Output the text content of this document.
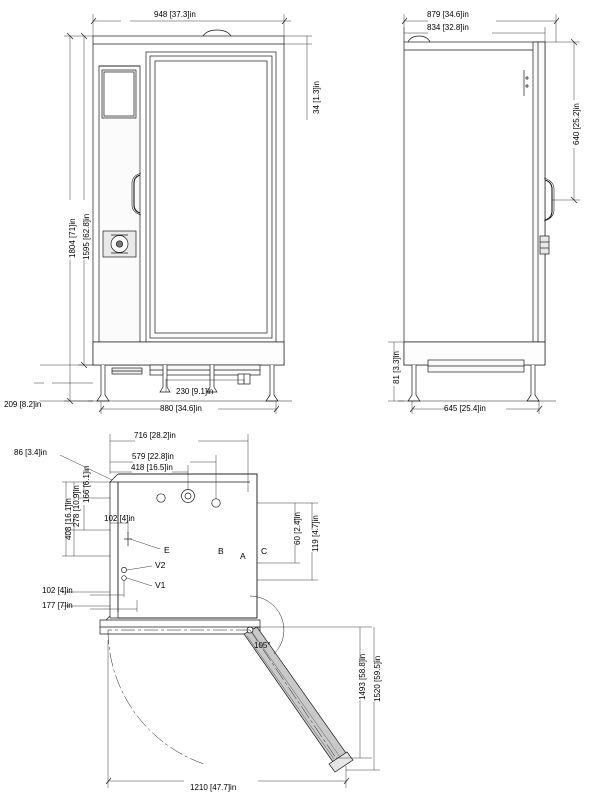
948 [37.3]in
34 [1.3]in
1804 [71]in 1595 [62.8]in
209 [8.2]in
230 [9.1]in
880 [34.6]in
879 [34.6]in
834 [32.8]in
640 [25.2]in
81 [3.3]in
645 [25.4]in
716 [28.2]in
86 [3.4]in	579 [22.8]in
418 [16.5]in
166 [6.1]in
278 [10.9]in
408 [16.1]in	102 [4]in
102 [4]in
177 [7]in
60 [2.4]in 119 [4.7]in
1493 [58.8]in 1520 [59.5]in
1210 [47.7]in
105°
A
B	C
E
V2
V1
